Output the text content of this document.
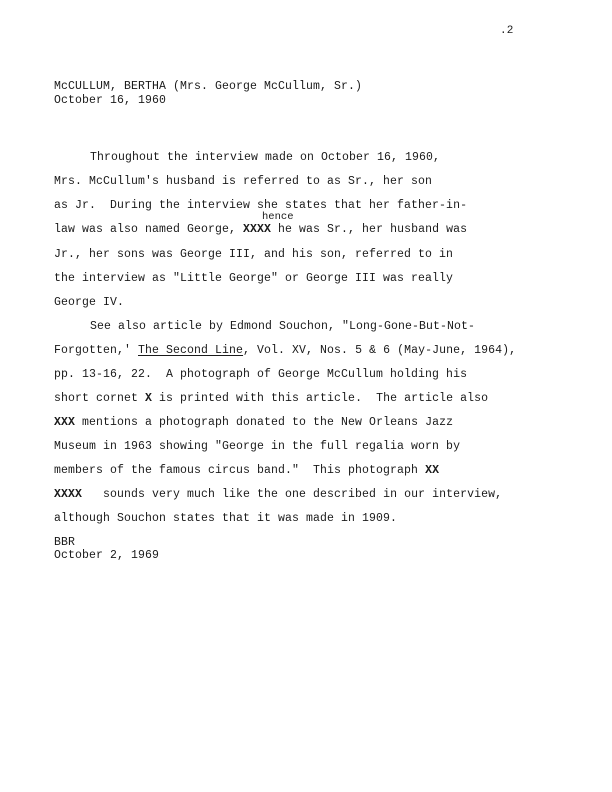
.2
McCULLUM, BERTHA (Mrs. George McCullum, Sr.)
October 16, 1960
Throughout the interview made on October 16, 1960,
Mrs. McCullum's husband is referred to as Sr., her son
as Jr.  During the interview she states that her father-in-
hence
law was also named George, XXXX he was Sr., her husband was
Jr., her sons was George III, and his son, referred to in
the interview as "Little George" or George III was really
George IV.
See also article by Edmond Souchon, "Long-Gone-But-Not-
Forgotten,' The Second Line, Vol. XV, Nos. 5 & 6 (May-June, 1964),
pp. 13-16, 22.  A photograph of George McCullum holding his
short cornet X is printed with this article.  The article also
XXX mentions a photograph donated to the New Orleans Jazz
Museum in 1963 showing "George in the full regalia worn by
members of the famous circus band."  This photograph XX
XXXX   sounds very much like the one described in our interview,
although Souchon states that it was made in 1909.
BBR
October 2, 1969
